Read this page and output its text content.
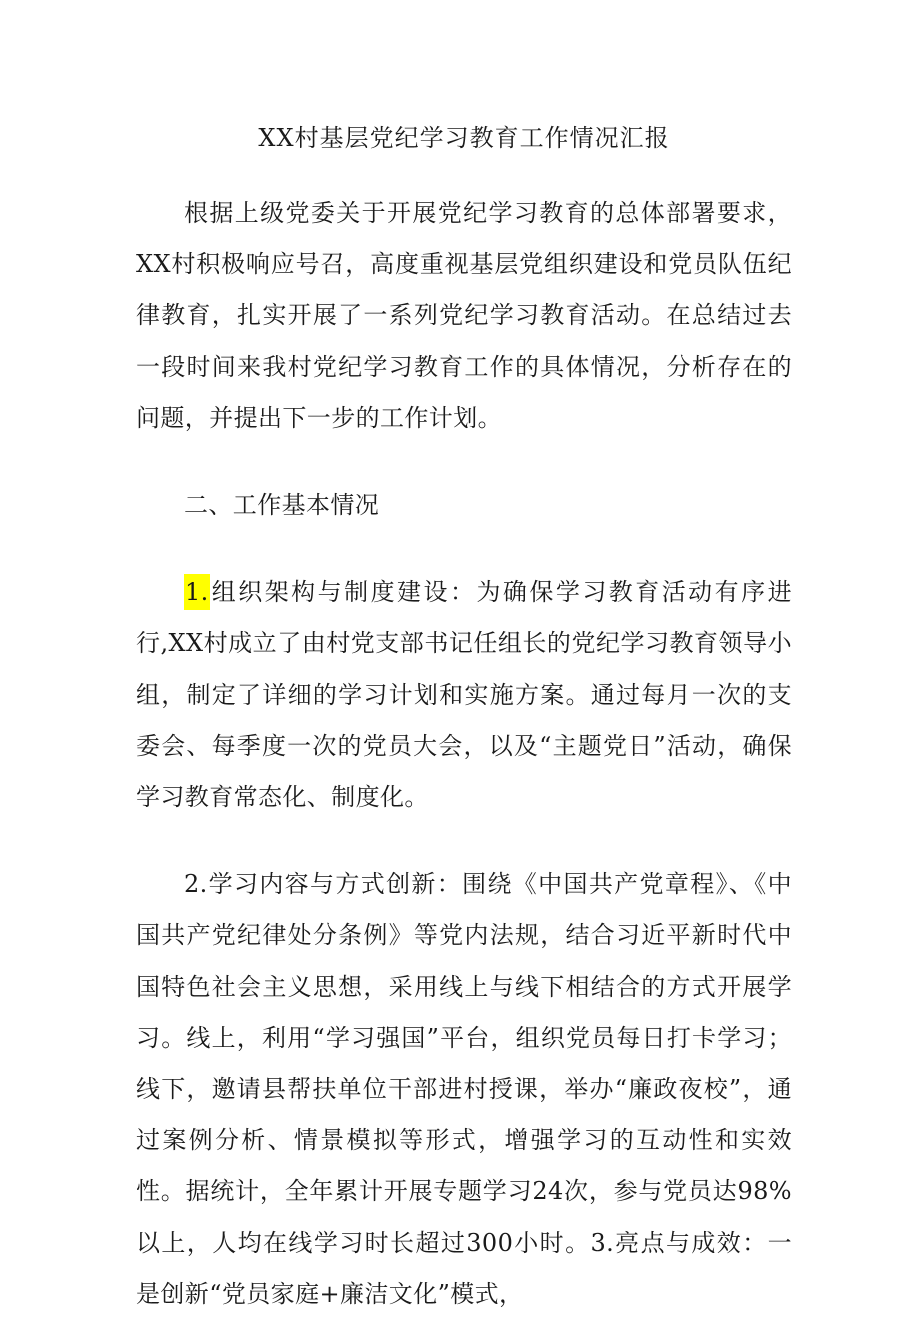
XX村基层党纪学习教育工作情况汇报

根据上级党委关于开展党纪学习教育的总体部署要求，XX村积极响应号召，高度重视基层党组织建设和党员队伍纪律教育，扎实开展了一系列党纪学习教育活动。在总结过去一段时间来我村党纪学习教育工作的具体情况，分析存在的问题，并提出下一步的工作计划。

二、工作基本情况

1.组织架构与制度建设：为确保学习教育活动有序进行,XX村成立了由村党支部书记任组长的党纪学习教育领导小组，制定了详细的学习计划和实施方案。通过每月一次的支委会、每季度一次的党员大会，以及“主题党日”活动，确保学习教育常态化、制度化。

2.学习内容与方式创新：围绕《中国共产党章程》、《中国共产党纪律处分条例》等党内法规，结合习近平新时代中国特色社会主义思想，采用线上与线下相结合的方式开展学习。线上，利用“学习强国”平台，组织党员每日打卡学习；线下，邀请县帮扶单位干部进村授课，举办“廉政夜校”，通过案例分析、情景模拟等形式，增强学习的互动性和实效性。据统计，全年累计开展专题学习24次，参与党员达98%以上，人均在线学习时长超过300小时。3.亮点与成效：一是创新“党员家庭+廉洁文化”模式，
